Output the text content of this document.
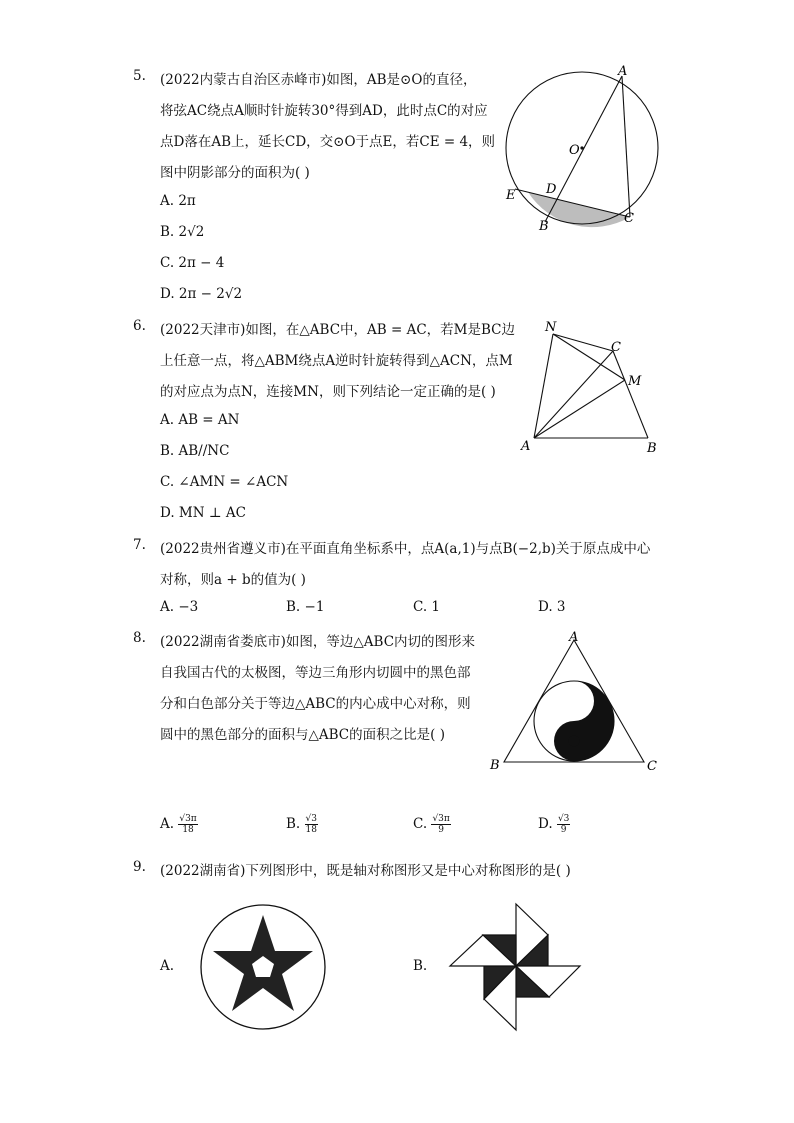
5. (2022内蒙古自治区赤峰市)如图，AB是⊙O的直径，
将弦AC绕点A顺时针旋转30°得到AD，此时点C的对应
点D落在AB上，延长CD，交⊙O于点E，若CE = 4，则
图中阴影部分的面积为( )
A. 2π
B. 2√2
C. 2π − 4
D. 2π − 2√2
A
O
D
E
B
C
6. (2022天津市)如图，在△ABC中，AB = AC，若M是BC边
上任意一点，将△ABM绕点A逆时针旋转得到△ACN，点M
的对应点为点N，连接MN，则下列结论一定正确的是( )
A. AB = AN
B. AB//NC
C. ∠AMN = ∠ACN
D. MN ⊥ AC
N
C
M
A	B
7. (2022贵州省遵义市)在平面直角坐标系中，点A(a,1)与点B(−2,b)关于原点成中心
对称，则a + b的值为( )
A. −3	B. −1	C. 1	D. 3
8. (2022湖南省娄底市)如图，等边△ABC内切的图形来
自我国古代的太极图，等边三角形内切圆中的黑色部
分和白色部分关于等边△ABC的内心成中心对称，则
圆中的黑色部分的面积与△ABC的面积之比是( )
A
B	C
A. $\frac{√3\pi}{18}$	B. $\frac{√3}{18}$	C. $\frac{√3\pi}{9}$	D. $\frac{√3}{9}$
9. (2022湖南省)下列图形中，既是轴对称图形又是中心对称图形的是( )
A.	B.
